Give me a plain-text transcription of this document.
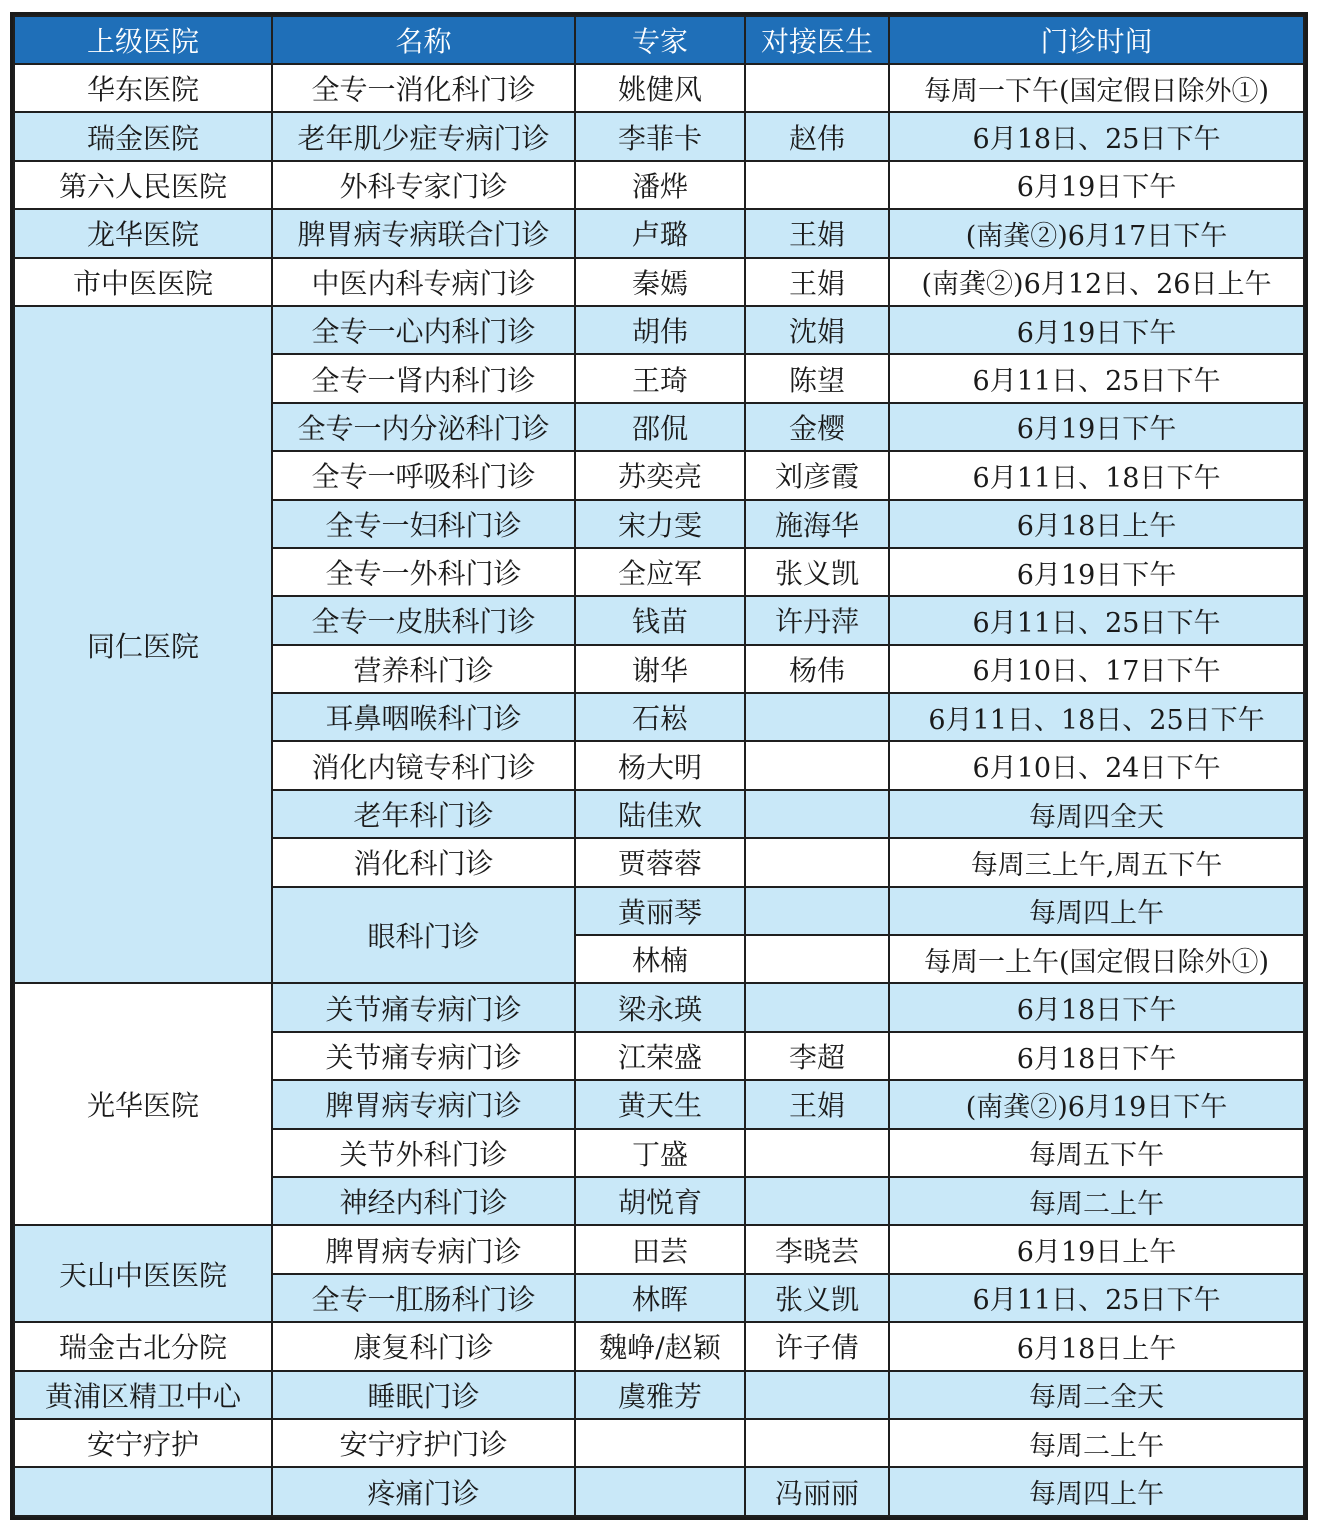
上级医院	名称	专家	对接医生	门诊时间
华东医院	全专一消化科门诊	姚健风		每周一下午(国定假日除外①)
瑞金医院	老年肌少症专病门诊	李菲卡	赵伟	6月18日、25日下午
第六人民医院	外科专家门诊	潘烨		6月19日下午
龙华医院	脾胃病专病联合门诊	卢璐	王娟	(南龚②)6月17日下午
市中医医院	中医内科专病门诊	秦嫣	王娟	(南龚②)6月12日、26日上午
同仁医院	全专一心内科门诊	胡伟	沈娟	6月19日下午
	全专一肾内科门诊	王琦	陈望	6月11日、25日下午
	全专一内分泌科门诊	邵侃	金樱	6月19日下午
	全专一呼吸科门诊	苏奕亮	刘彦霞	6月11日、18日下午
	全专一妇科门诊	宋力雯	施海华	6月18日上午
	全专一外科门诊	全应军	张义凯	6月19日下午
	全专一皮肤科门诊	钱苗	许丹萍	6月11日、25日下午
	营养科门诊	谢华	杨伟	6月10日、17日下午
	耳鼻咽喉科门诊	石崧		6月11日、18日、25日下午
	消化内镜专科门诊	杨大明		6月10日、24日下午
	老年科门诊	陆佳欢		每周四全天
	消化科门诊	贾蓉蓉		每周三上午,周五下午
	眼科门诊	黄丽琴		每周四上午
		林楠		每周一上午(国定假日除外①)
光华医院	关节痛专病门诊	梁永瑛		6月18日下午
	关节痛专病门诊	江荣盛	李超	6月18日下午
	脾胃病专病门诊	黄天生	王娟	(南龚②)6月19日下午
	关节外科门诊	丁盛		每周五下午
	神经内科门诊	胡悦育		每周二上午
天山中医医院	脾胃病专病门诊	田芸	李晓芸	6月19日上午
	全专一肛肠科门诊	林晖	张义凯	6月11日、25日下午
瑞金古北分院	康复科门诊	魏峥/赵颖	许子倩	6月18日上午
黄浦区精卫中心	睡眠门诊	虞雅芳		每周二全天
安宁疗护	安宁疗护门诊			每周二上午
	疼痛门诊		冯丽丽	每周四上午
